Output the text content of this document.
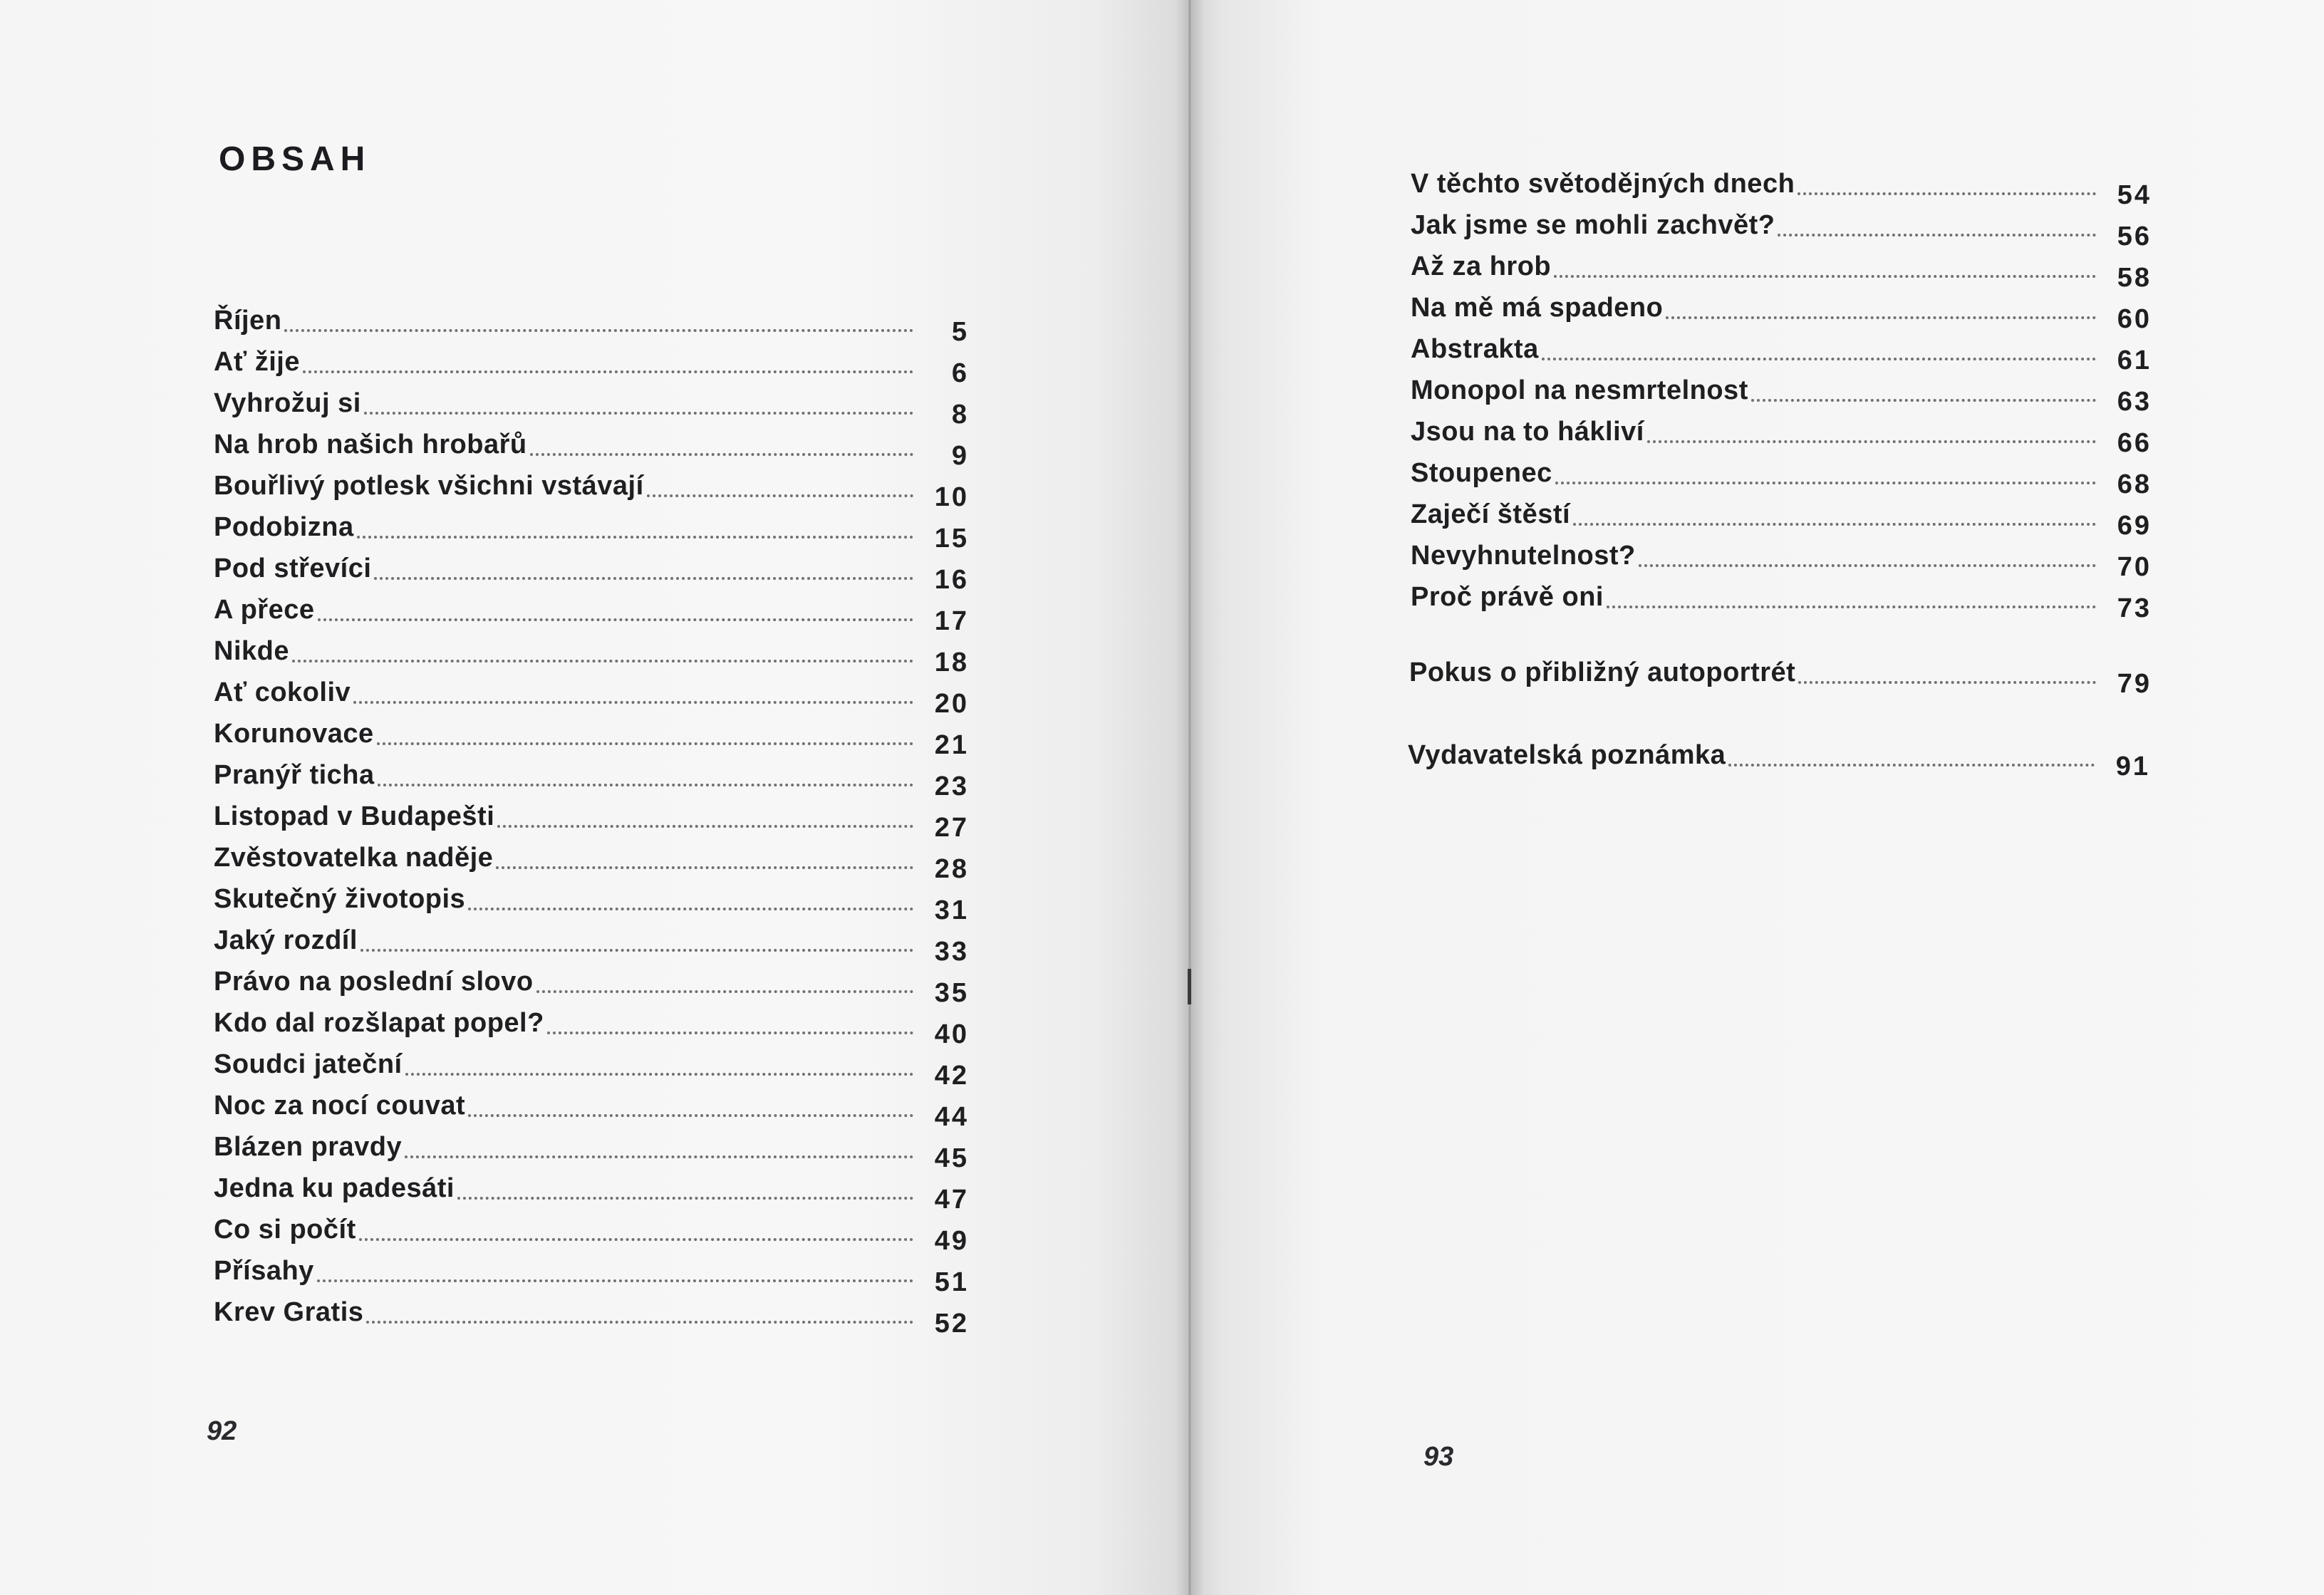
OBSAH
Říjen	5
Ať žije	6
Vyhrožuj si	8
Na hrob našich hrobařů	9
Bouřlivý potlesk všichni vstávají	10
Podobizna	15
Pod střevíci	16
A přece	17
Nikde	18
Ať cokoliv	20
Korunovace	21
Pranýř ticha	23
Listopad v Budapešti	27
Zvěstovatelka naděje	28
Skutečný životopis	31
Jaký rozdíl	33
Právo na poslední slovo	35
Kdo dal rozšlapat popel?	40
Soudci jateční	42
Noc za nocí couvat	44
Blázen pravdy	45
Jedna ku padesáti	47
Co si počít	49
Přísahy	51
Krev Gratis	52
92
V těchto světodějných dnech	54
Jak jsme se mohli zachvět?	56
Až za hrob	58
Na mě má spadeno	60
Abstrakta	61
Monopol na nesmrtelnost	63
Jsou na to hákliví	66
Stoupenec	68
Zaječí štěstí	69
Nevyhnutelnost?	70
Proč právě oni	73
Pokus o přibližný autoportrét	79
Vydavatelská poznámka	91
93
